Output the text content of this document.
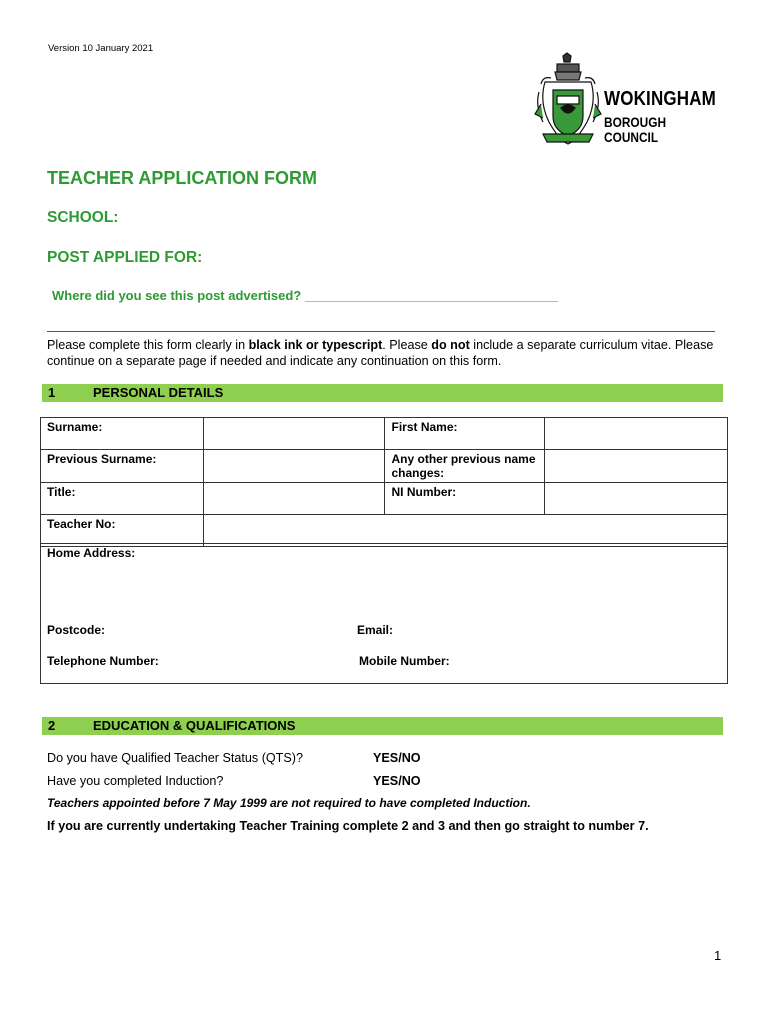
Version 10 January 2021
WOKINGHAM
BOROUGH COUNCIL
TEACHER APPLICATION FORM
SCHOOL:
POST APPLIED FOR:
Where did you see this post advertised? ___________________________________
Please complete this form clearly in black ink or typescript. Please do not include a separate curriculum vitae. Please continue on a separate page if needed and indicate any continuation on this form.
1	PERSONAL DETAILS
Surname:		First Name:	
Previous Surname:		Any other previous name changes:	
Title:		NI Number:	
Teacher No:			
Home Address:
Postcode:	Email:
Telephone Number:	Mobile Number:
2	EDUCATION & QUALIFICATIONS
Do you have Qualified Teacher Status (QTS)?	YES/NO
Have you completed Induction?	YES/NO
Teachers appointed before 7 May 1999 are not required to have completed Induction.
If you are currently undertaking Teacher Training complete 2 and 3 and then go straight to number 7.
1
